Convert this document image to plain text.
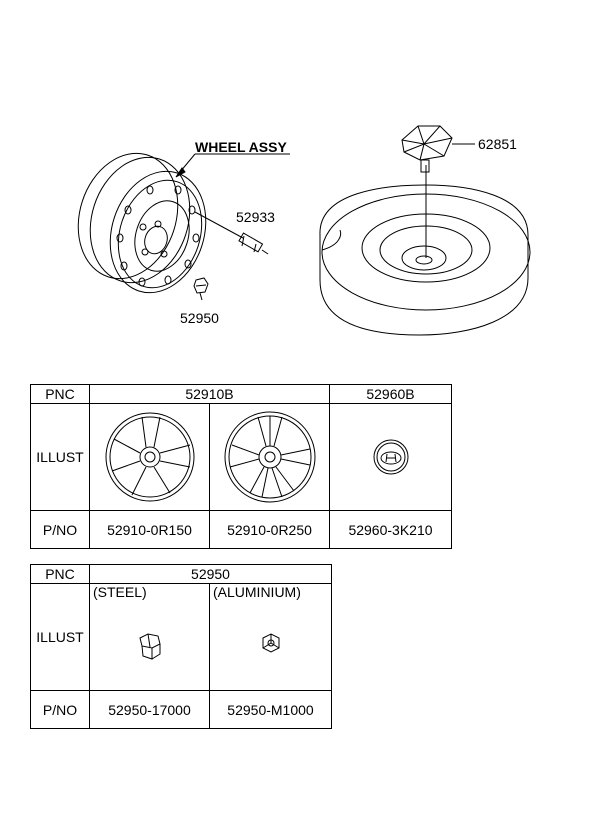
WHEEL ASSY
52933
52950
62851
PNC	52910B		52960B
ILLUST	

P/NO	52910-0R150	52910-0R250	52960-3K210
PNC	52950	
ILLUST	(STEEL)	(ALUMINIUM)

P/NO	52950-17000	52950-M1000
